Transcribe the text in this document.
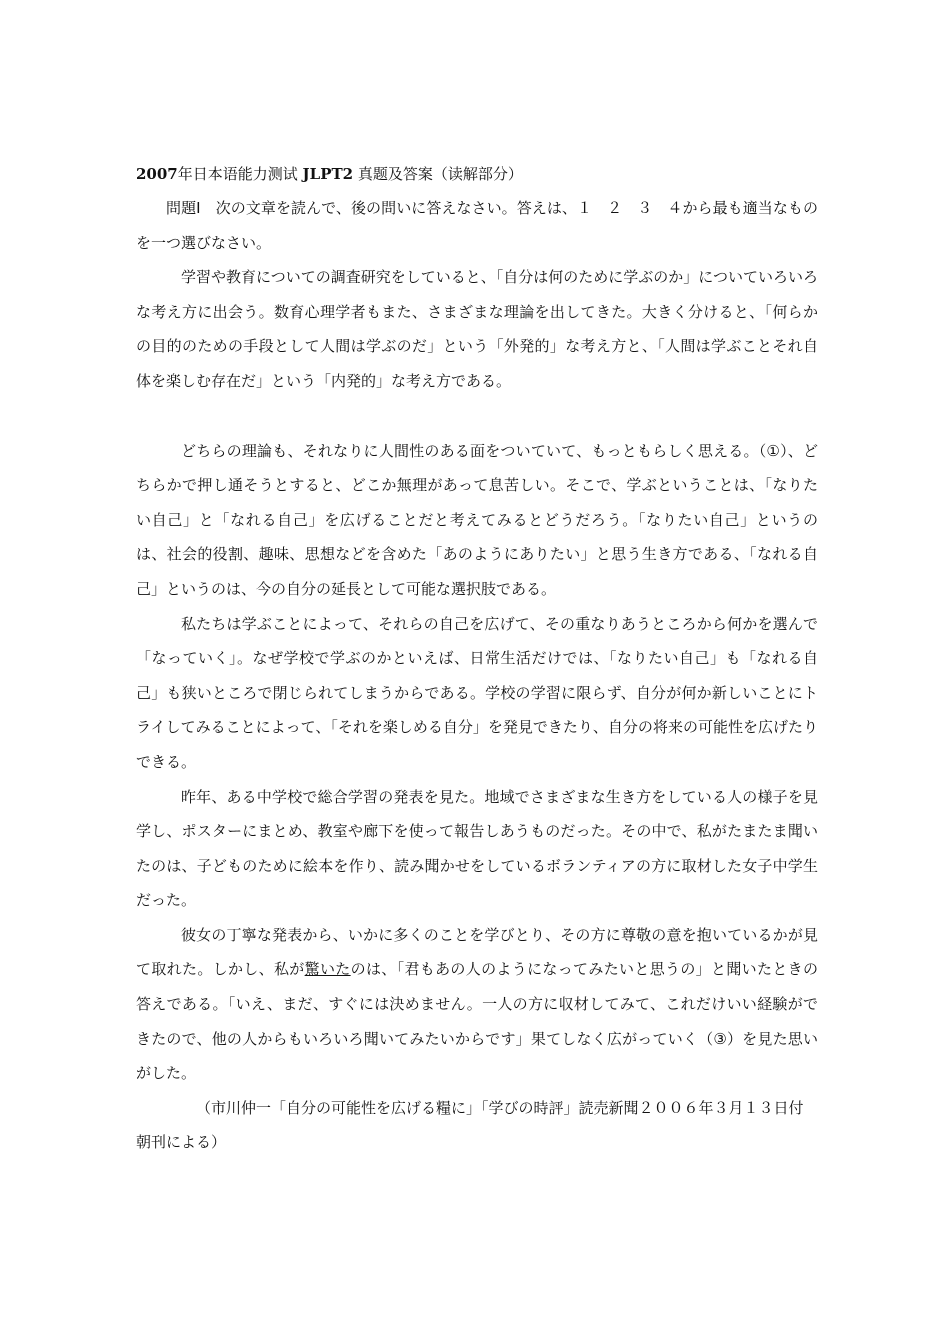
2007年日本语能力测试 JLPT2 真题及答案（读解部分）

問題Ⅰ　次の文章を読んで、後の問いに答えなさい。答えは、１　２　３　４から最も適当なものを一つ選びなさい。

学習や教育についての調査研究をしていると、「自分は何のために学ぶのか」についていろいろな考え方に出会う。数育心理学者もまた、さまざまな理論を出してきた。大きく分けると、「何らかの目的のための手段として人間は学ぶのだ」という「外発的」な考え方と、「人間は学ぶことそれ自体を楽しむ存在だ」という「内発的」な考え方である。

どちらの理論も、それなりに人間性のある面をついていて、もっともらしく思える。（①）、どちらかで押し通そうとすると、どこか無理があって息苦しい。そこで、学ぶということは、「なりたい自己」と「なれる自己」を広げることだと考えてみるとどうだろう。「なりたい自己」というのは、社会的役割、趣味、思想などを含めた「あのようにありたい」と思う生き方である、「なれる自己」というのは、今の自分の延長として可能な選択肢である。

私たちは学ぶことによって、それらの自己を広げて、その重なりあうところから何かを選んで「なっていく」。なぜ学校で学ぶのかといえば、日常生活だけでは、「なりたい自己」も「なれる自己」も狭いところで閉じられてしまうからである。学校の学習に限らず、自分が何か新しいことにトライしてみることによって、「それを楽しめる自分」を発見できたり、自分の将来の可能性を広げたりできる。

昨年、ある中学校で総合学習の発表を見た。地域でさまざまな生き方をしている人の様子を見学し、ポスターにまとめ、教室や廊下を使って報告しあうものだった。その中で、私がたまたま聞いたのは、子どものために絵本を作り、読み聞かせをしているボランティアの方に取材した女子中学生だった。

彼女の丁寧な発表から、いかに多くのことを学びとり、その方に尊敬の意を抱いているかが見て取れた。しかし、私が驚いたのは、「君もあの人のようになってみたいと思うの」と聞いたときの答えである。「いえ、まだ、すぐには決めません。一人の方に収材してみて、これだけいい経験ができたので、他の人からもいろいろ聞いてみたいからです」果てしなく広がっていく（③）を見た思いがした。

（市川仲一「自分の可能性を広げる糧に」「学びの時評」読売新聞２００６年３月１３日付朝刊による）
